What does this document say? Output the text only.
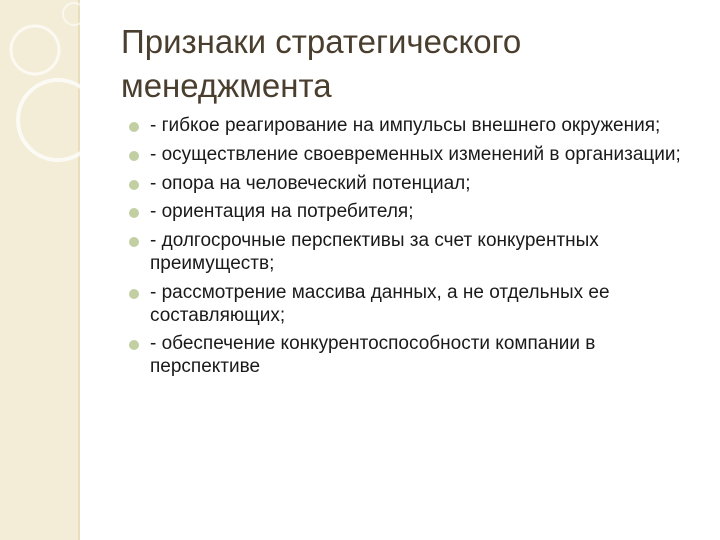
Признаки стратегического менеджмента
- гибкое реагирование на импульсы внешнего окружения;
- осуществление своевременных изменений в организации;
- опора на человеческий потенциал;
- ориентация на потребителя;
- долгосрочные перспективы за счет конкурентных преимуществ;
- рассмотрение массива данных, а не отдельных ее составляющих;
- обеспечение конкурентоспособности компании в перспективе
